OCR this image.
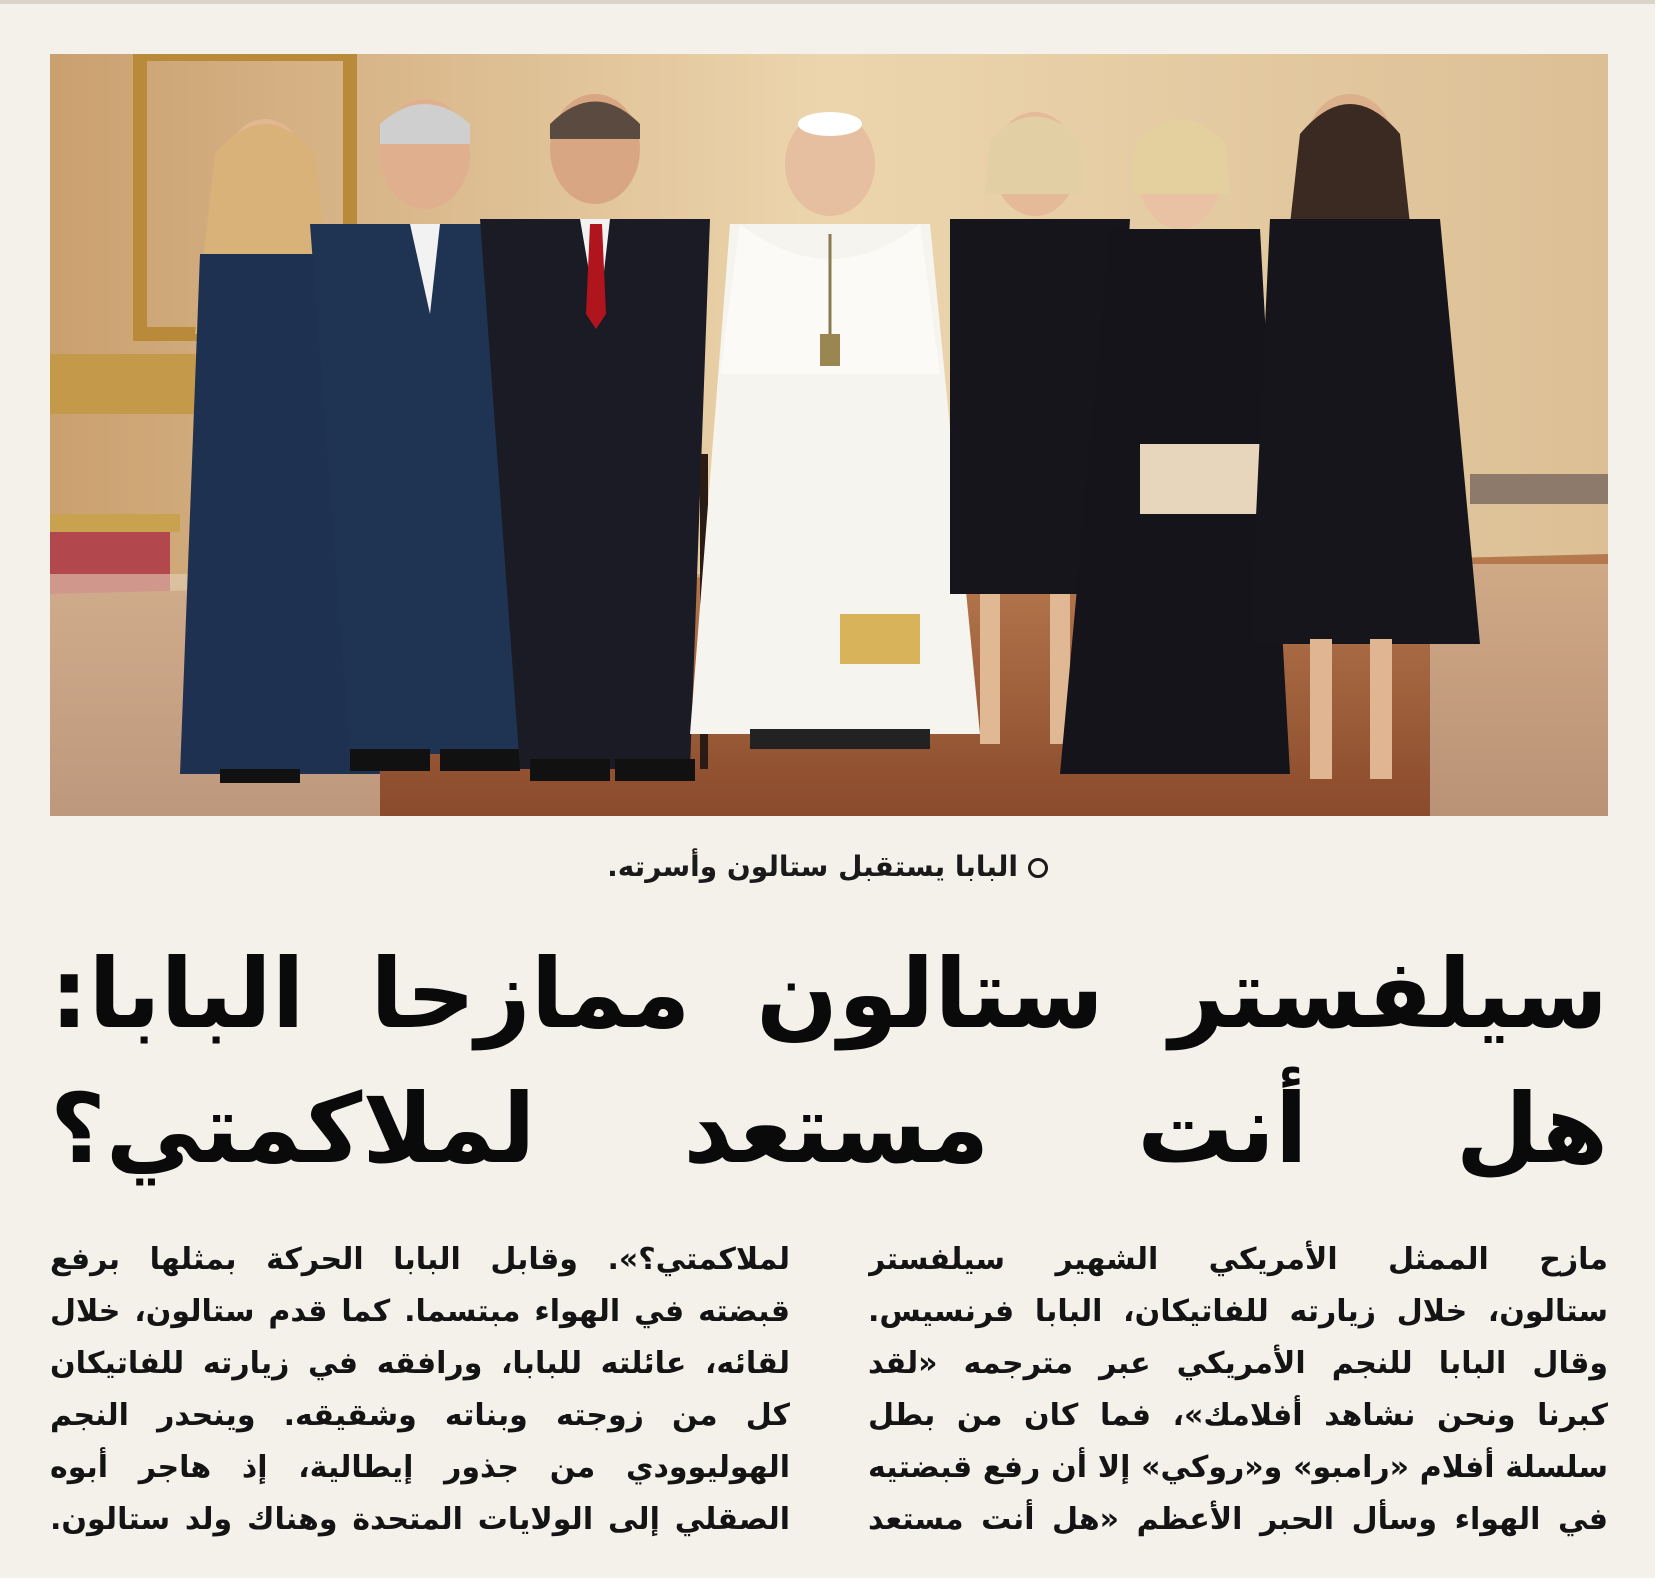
البابا يستقبل ستالون وأسرته.
سيلفستر ستالون ممازحا البابا:
هل أنت مستعد لملاكمتي؟
مازح الممثل الأمريكي الشهير سيلفستر
ستالون، خلال زيارته للفاتيكان، البابا فرنسيس.
وقال البابا للنجم الأمريكي عبر مترجمه «لقد
كبرنا ونحن نشاهد أفلامك»، فما كان من بطل
سلسلة أفلام «رامبو» و«روكي» إلا أن رفع قبضتيه
في الهواء وسأل الحبر الأعظم «هل أنت مستعد
لملاكمتي؟». وقابل البابا الحركة بمثلها برفع
قبضته في الهواء مبتسما. كما قدم ستالون، خلال
لقائه، عائلته للبابا، ورافقه في زيارته للفاتيكان
كل من زوجته وبناته وشقيقه. وينحدر النجم
الهوليوودي من جذور إيطالية، إذ هاجر أبوه
الصقلي إلى الولايات المتحدة وهناك ولد ستالون.
